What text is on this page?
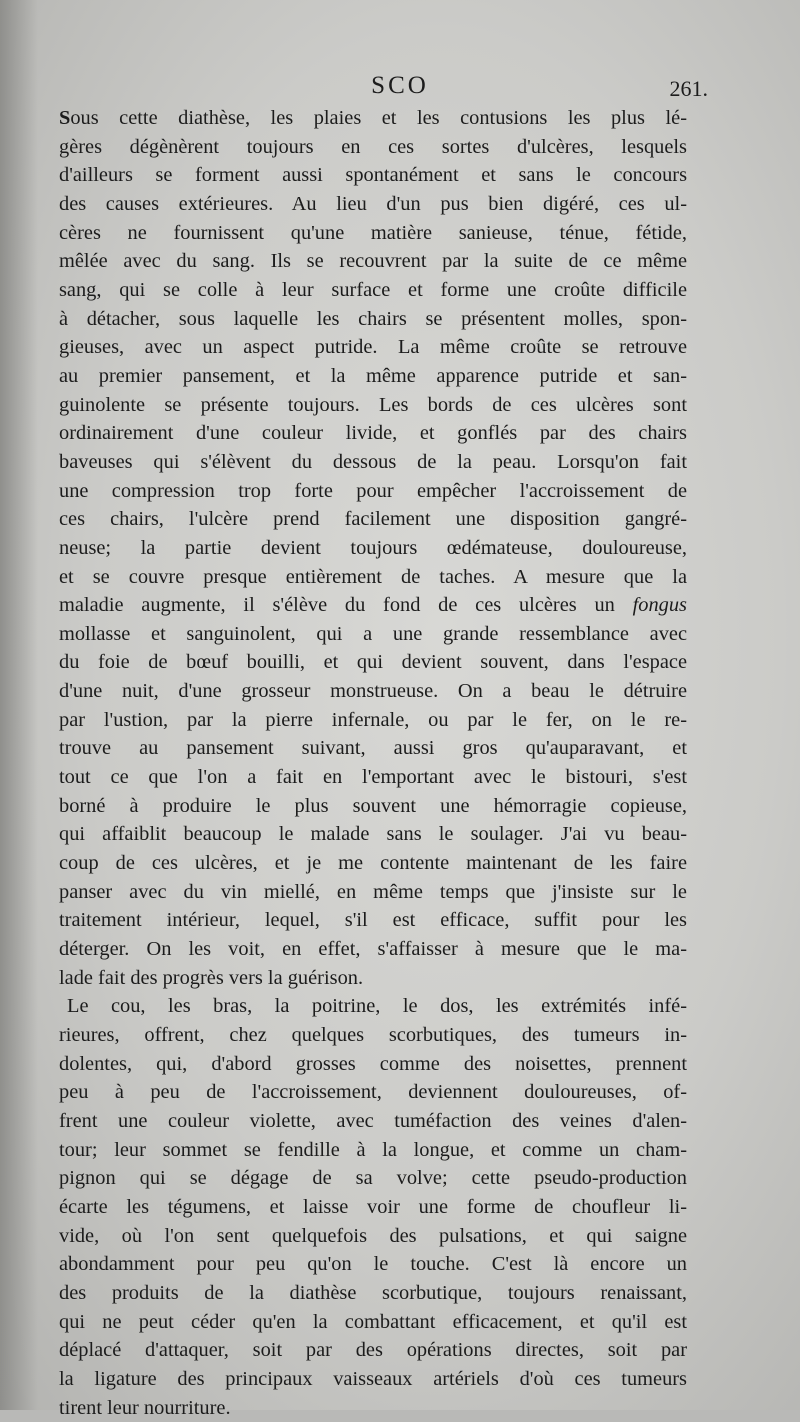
SCO	261.
Sous cette diathèse, les plaies et les contusions les plus lé-
gères dégènèrent toujours en ces sortes d'ulcères, lesquels
d'ailleurs se forment aussi spontanément et sans le concours
des causes extérieures. Au lieu d'un pus bien digéré, ces ul-
cères ne fournissent qu'une matière sanieuse, ténue, fétide,
mêlée avec du sang. Ils se recouvrent par la suite de ce même
sang, qui se colle à leur surface et forme une croûte difficile
à détacher, sous laquelle les chairs se présentent molles, spon-
gieuses, avec un aspect putride. La même croûte se retrouve
au premier pansement, et la même apparence putride et san-
guinolente se présente toujours. Les bords de ces ulcères sont
ordinairement d'une couleur livide, et gonflés par des chairs
baveuses qui s'élèvent du dessous de la peau. Lorsqu'on fait
une compression trop forte pour empêcher l'accroissement de
ces chairs, l'ulcère prend facilement une disposition gangré-
neuse; la partie devient toujours œdémateuse, douloureuse,
et se couvre presque entièrement de taches. A mesure que la
maladie augmente, il s'élève du fond de ces ulcères un fongus
mollasse et sanguinolent, qui a une grande ressemblance avec
du foie de bœuf bouilli, et qui devient souvent, dans l'espace
d'une nuit, d'une grosseur monstrueuse. On a beau le détruire
par l'ustion, par la pierre infernale, ou par le fer, on le re-
trouve au pansement suivant, aussi gros qu'auparavant, et
tout ce que l'on a fait en l'emportant avec le bistouri, s'est
borné à produire le plus souvent une hémorragie copieuse,
qui affaiblit beaucoup le malade sans le soulager. J'ai vu beau-
coup de ces ulcères, et je me contente maintenant de les faire
panser avec du vin miellé, en même temps que j'insiste sur le
traitement intérieur, lequel, s'il est efficace, suffit pour les
déterger. On les voit, en effet, s'affaisser à mesure que le ma-
lade fait des progrès vers la guérison.
Le cou, les bras, la poitrine, le dos, les extrémités infé-
rieures, offrent, chez quelques scorbutiques, des tumeurs in-
dolentes, qui, d'abord grosses comme des noisettes, prennent
peu à peu de l'accroissement, deviennent douloureuses, of-
frent une couleur violette, avec tuméfaction des veines d'alen-
tour; leur sommet se fendille à la longue, et comme un cham-
pignon qui se dégage de sa volve; cette pseudo-production
écarte les tégumens, et laisse voir une forme de choufleur li-
vide, où l'on sent quelquefois des pulsations, et qui saigne
abondamment pour peu qu'on le touche. C'est là encore un
des produits de la diathèse scorbutique, toujours renaissant,
qui ne peut céder qu'en la combattant efficacement, et qu'il est
déplacé d'attaquer, soit par des opérations directes, soit par
la ligature des principaux vaisseaux artériels d'où ces tumeurs
tirent leur nourriture.
